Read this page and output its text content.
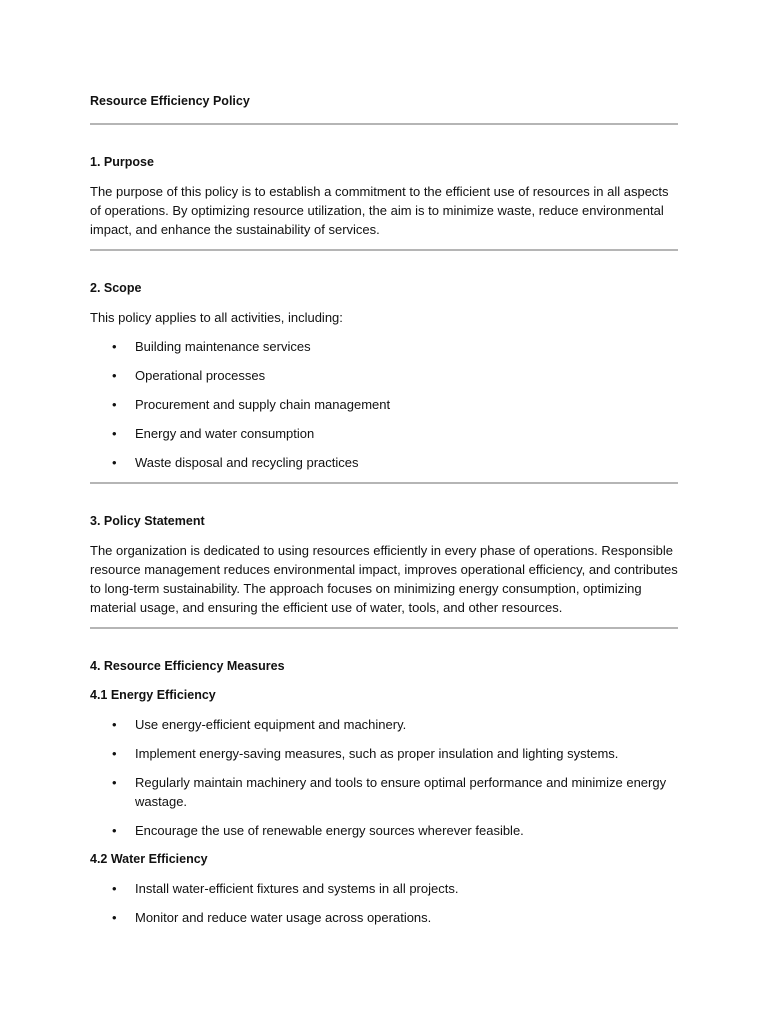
Resource Efficiency Policy
1. Purpose

The purpose of this policy is to establish a commitment to the efficient use of resources in all aspects of operations. By optimizing resource utilization, the aim is to minimize waste, reduce environmental impact, and enhance the sustainability of services.

2. Scope

This policy applies to all activities, including:

• Building maintenance services
• Operational processes
• Procurement and supply chain management
• Energy and water consumption
• Waste disposal and recycling practices
3. Policy Statement

The organization is dedicated to using resources efficiently in every phase of operations. Responsible resource management reduces environmental impact, improves operational efficiency, and contributes to long-term sustainability. The approach focuses on minimizing energy consumption, optimizing material usage, and ensuring the efficient use of water, tools, and other resources.

4. Resource Efficiency Measures
4.1 Energy Efficiency
• Use energy-efficient equipment and machinery.
• Implement energy-saving measures, such as proper insulation and lighting systems.
• Regularly maintain machinery and tools to ensure optimal performance and minimize energy wastage.
• Encourage the use of renewable energy sources wherever feasible.
4.2 Water Efficiency
• Install water-efficient fixtures and systems in all projects.
• Monitor and reduce water usage across operations.
